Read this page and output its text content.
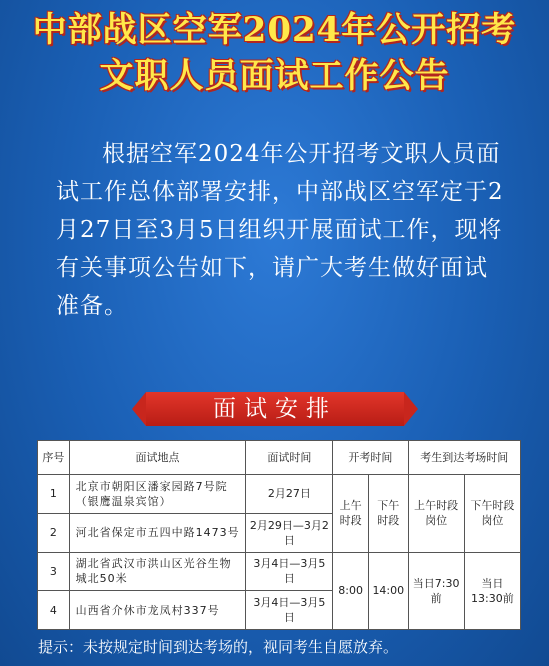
中部战区空军2024年公开招考
文职人员面试工作公告
根据空军2024年公开招考文职人员面试工作总体部署安排，中部战区空军定于2月27日至3月5日组织开展面试工作，现将有关事项公告如下，请广大考生做好面试准备。
面试安排
序号	面试地点	面试时间	开考时间		考生到达考场时间	
1	北京市朝阳区潘家园路7号院（银鹰温泉宾馆）	2月27日	上午时段	下午时段	上午时段岗位	下午时段岗位
2	河北省保定市五四中路1473号	2月29日—3月2日				
3	湖北省武汉市洪山区光谷生物城北50米	3月4日—3月5日	8:00	14:00	当日7:30前	当日13:30前
4	山西省介休市龙凤村337号	3月4日—3月5日				
提示：未按规定时间到达考场的，视同考生自愿放弃。
